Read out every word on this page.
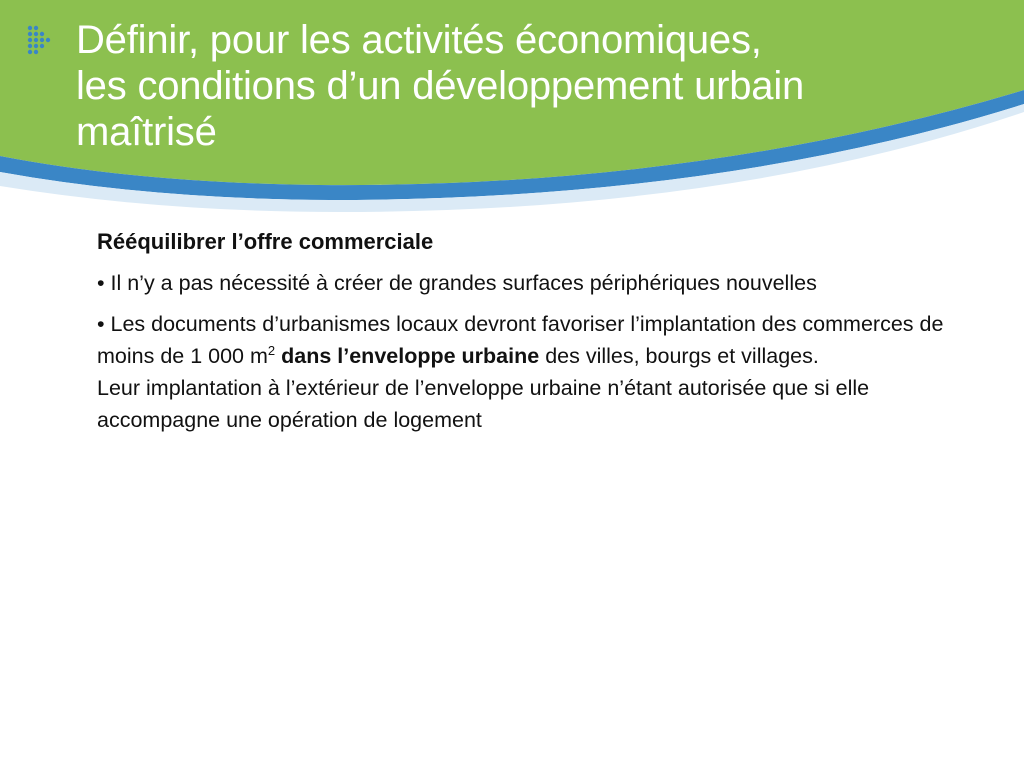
Définir, pour les activités économiques,
les conditions d’un développement urbain
maîtrisé

Rééquilibrer l’offre commerciale

• Il n’y a pas nécessité à créer de grandes surfaces périphériques nouvelles

• Les documents d’urbanismes locaux devront favoriser l’implantation des commerces de moins de 1 000 $m^2$ dans l’enveloppe urbaine des villes, bourgs et villages.

Leur implantation à l’extérieur de l’enveloppe urbaine n’étant autorisée que si elle accompagne une opération de logement
